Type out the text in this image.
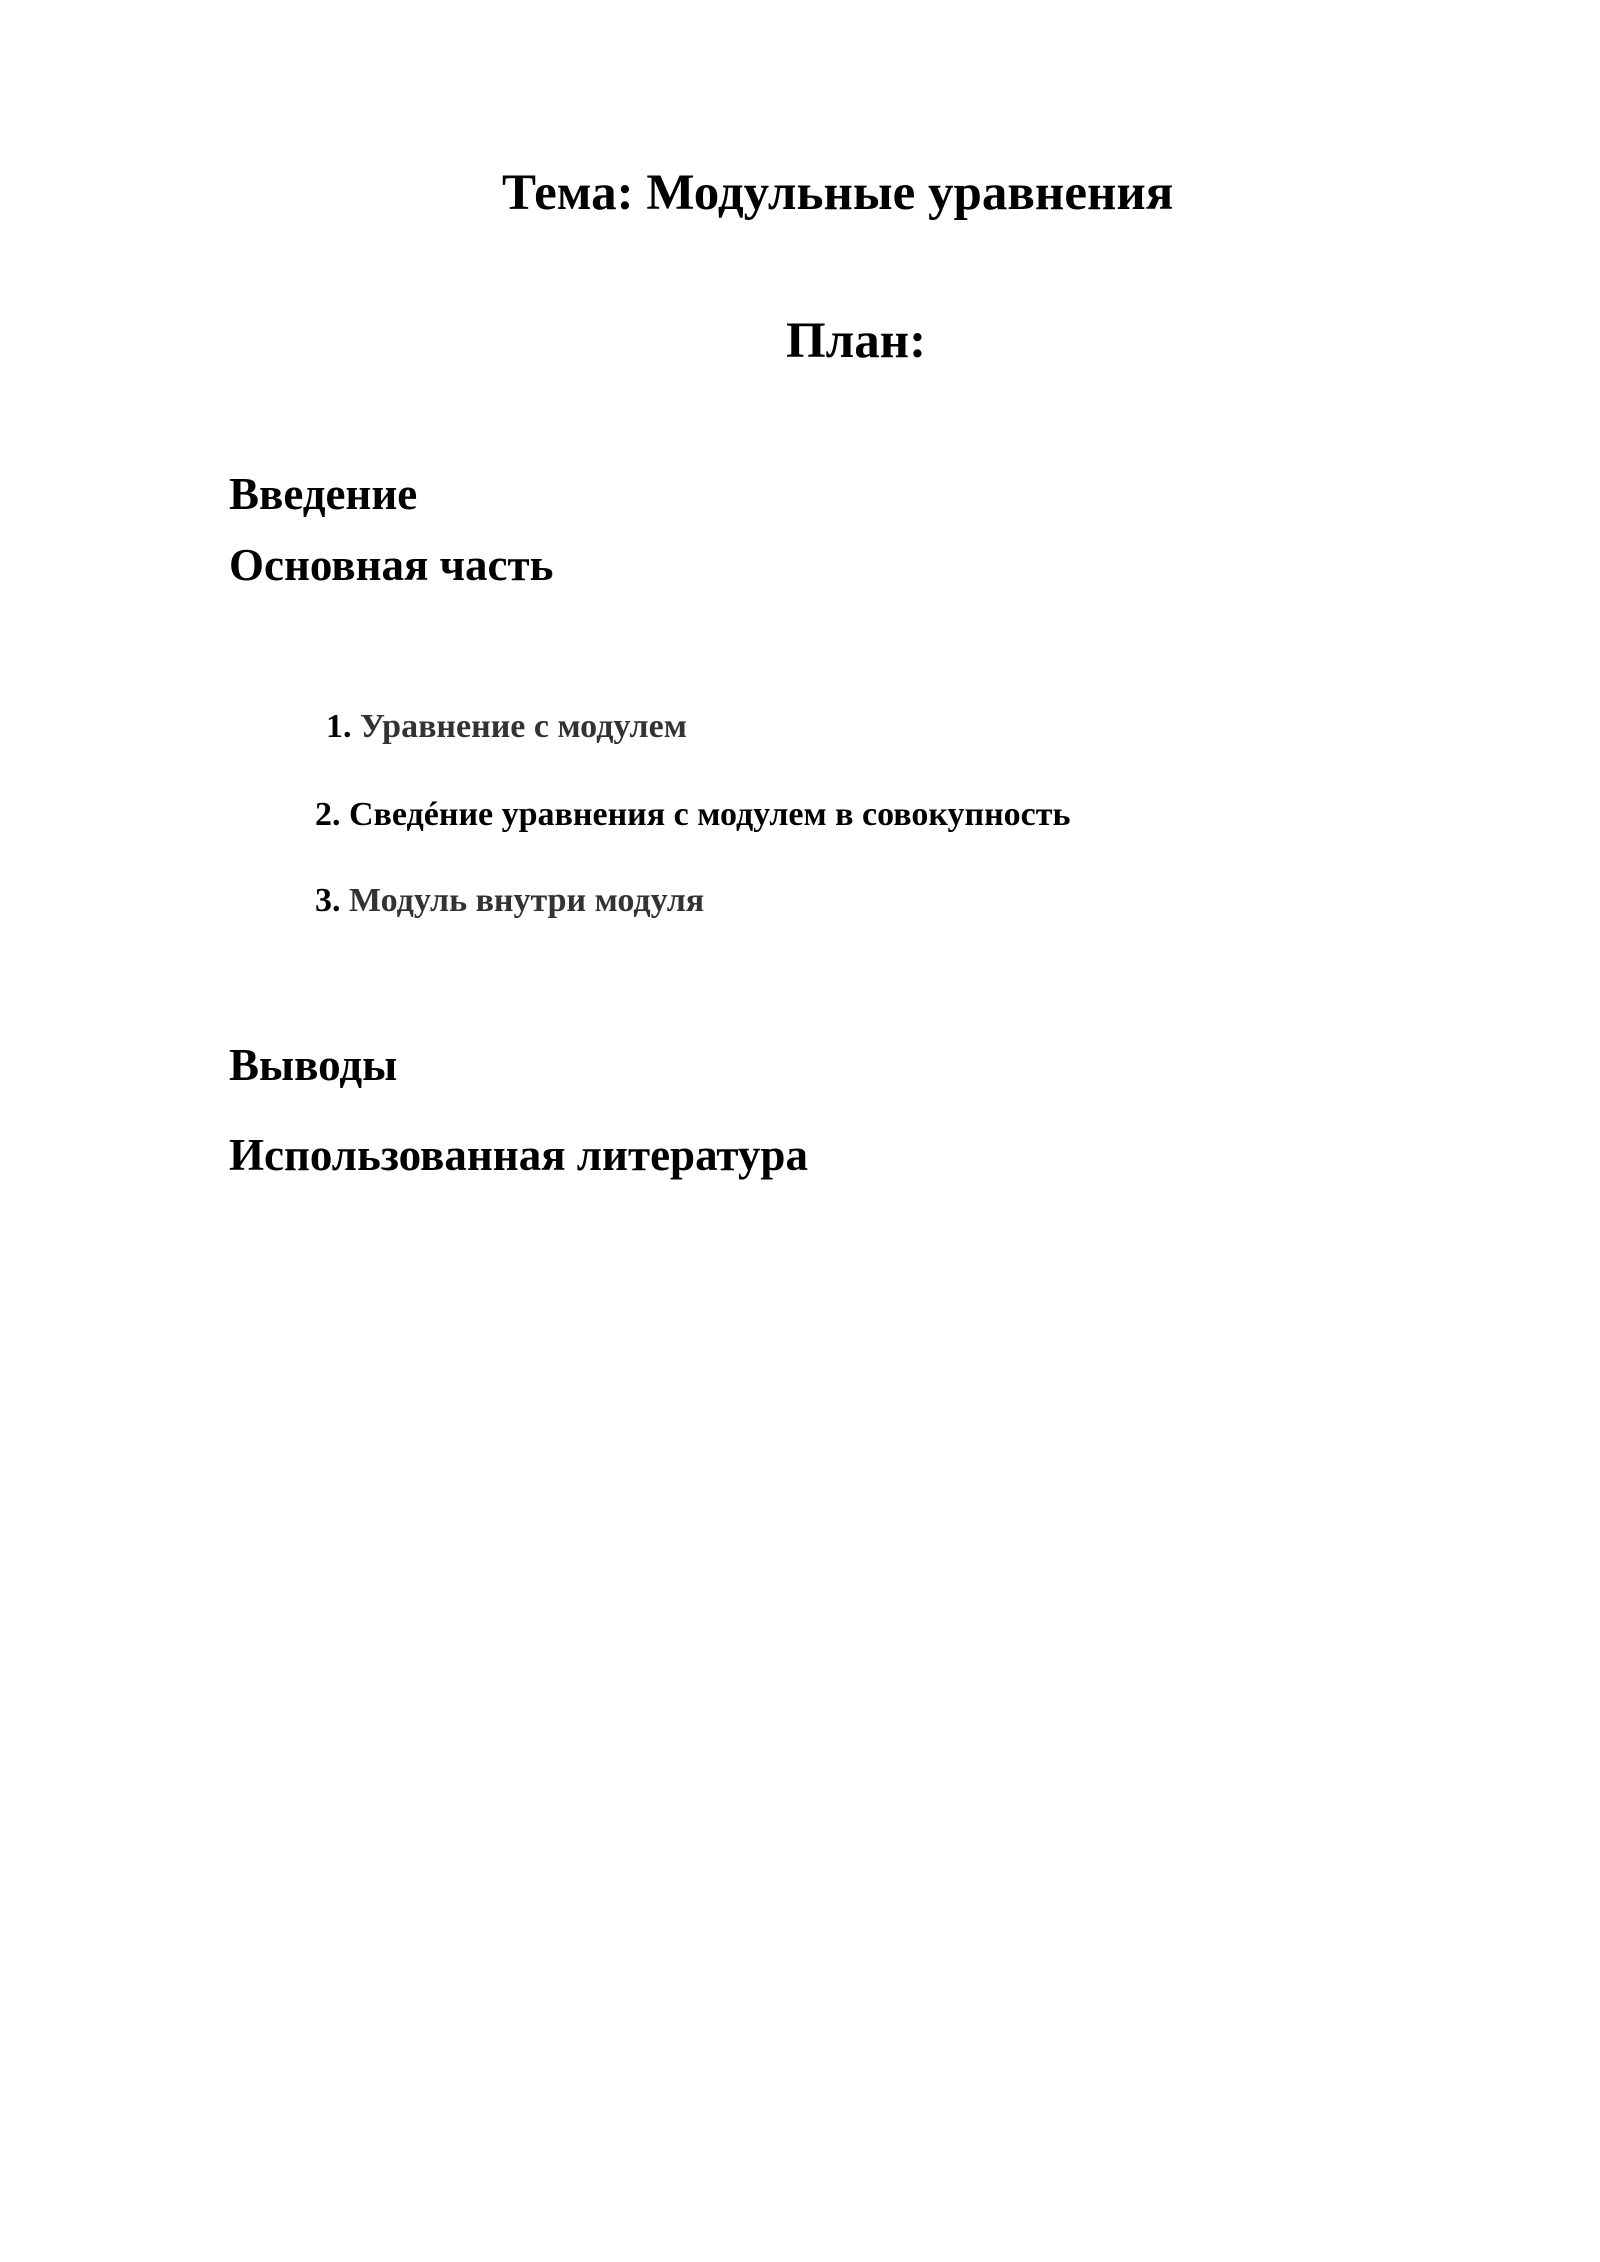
Тема: Модульные уравнения
План:
Введение
Основная часть
1. Уравнение с модулем
2. Сведéние уравнения с модулем в совокупность
3. Модуль внутри модуля
Выводы
Использованная литература
